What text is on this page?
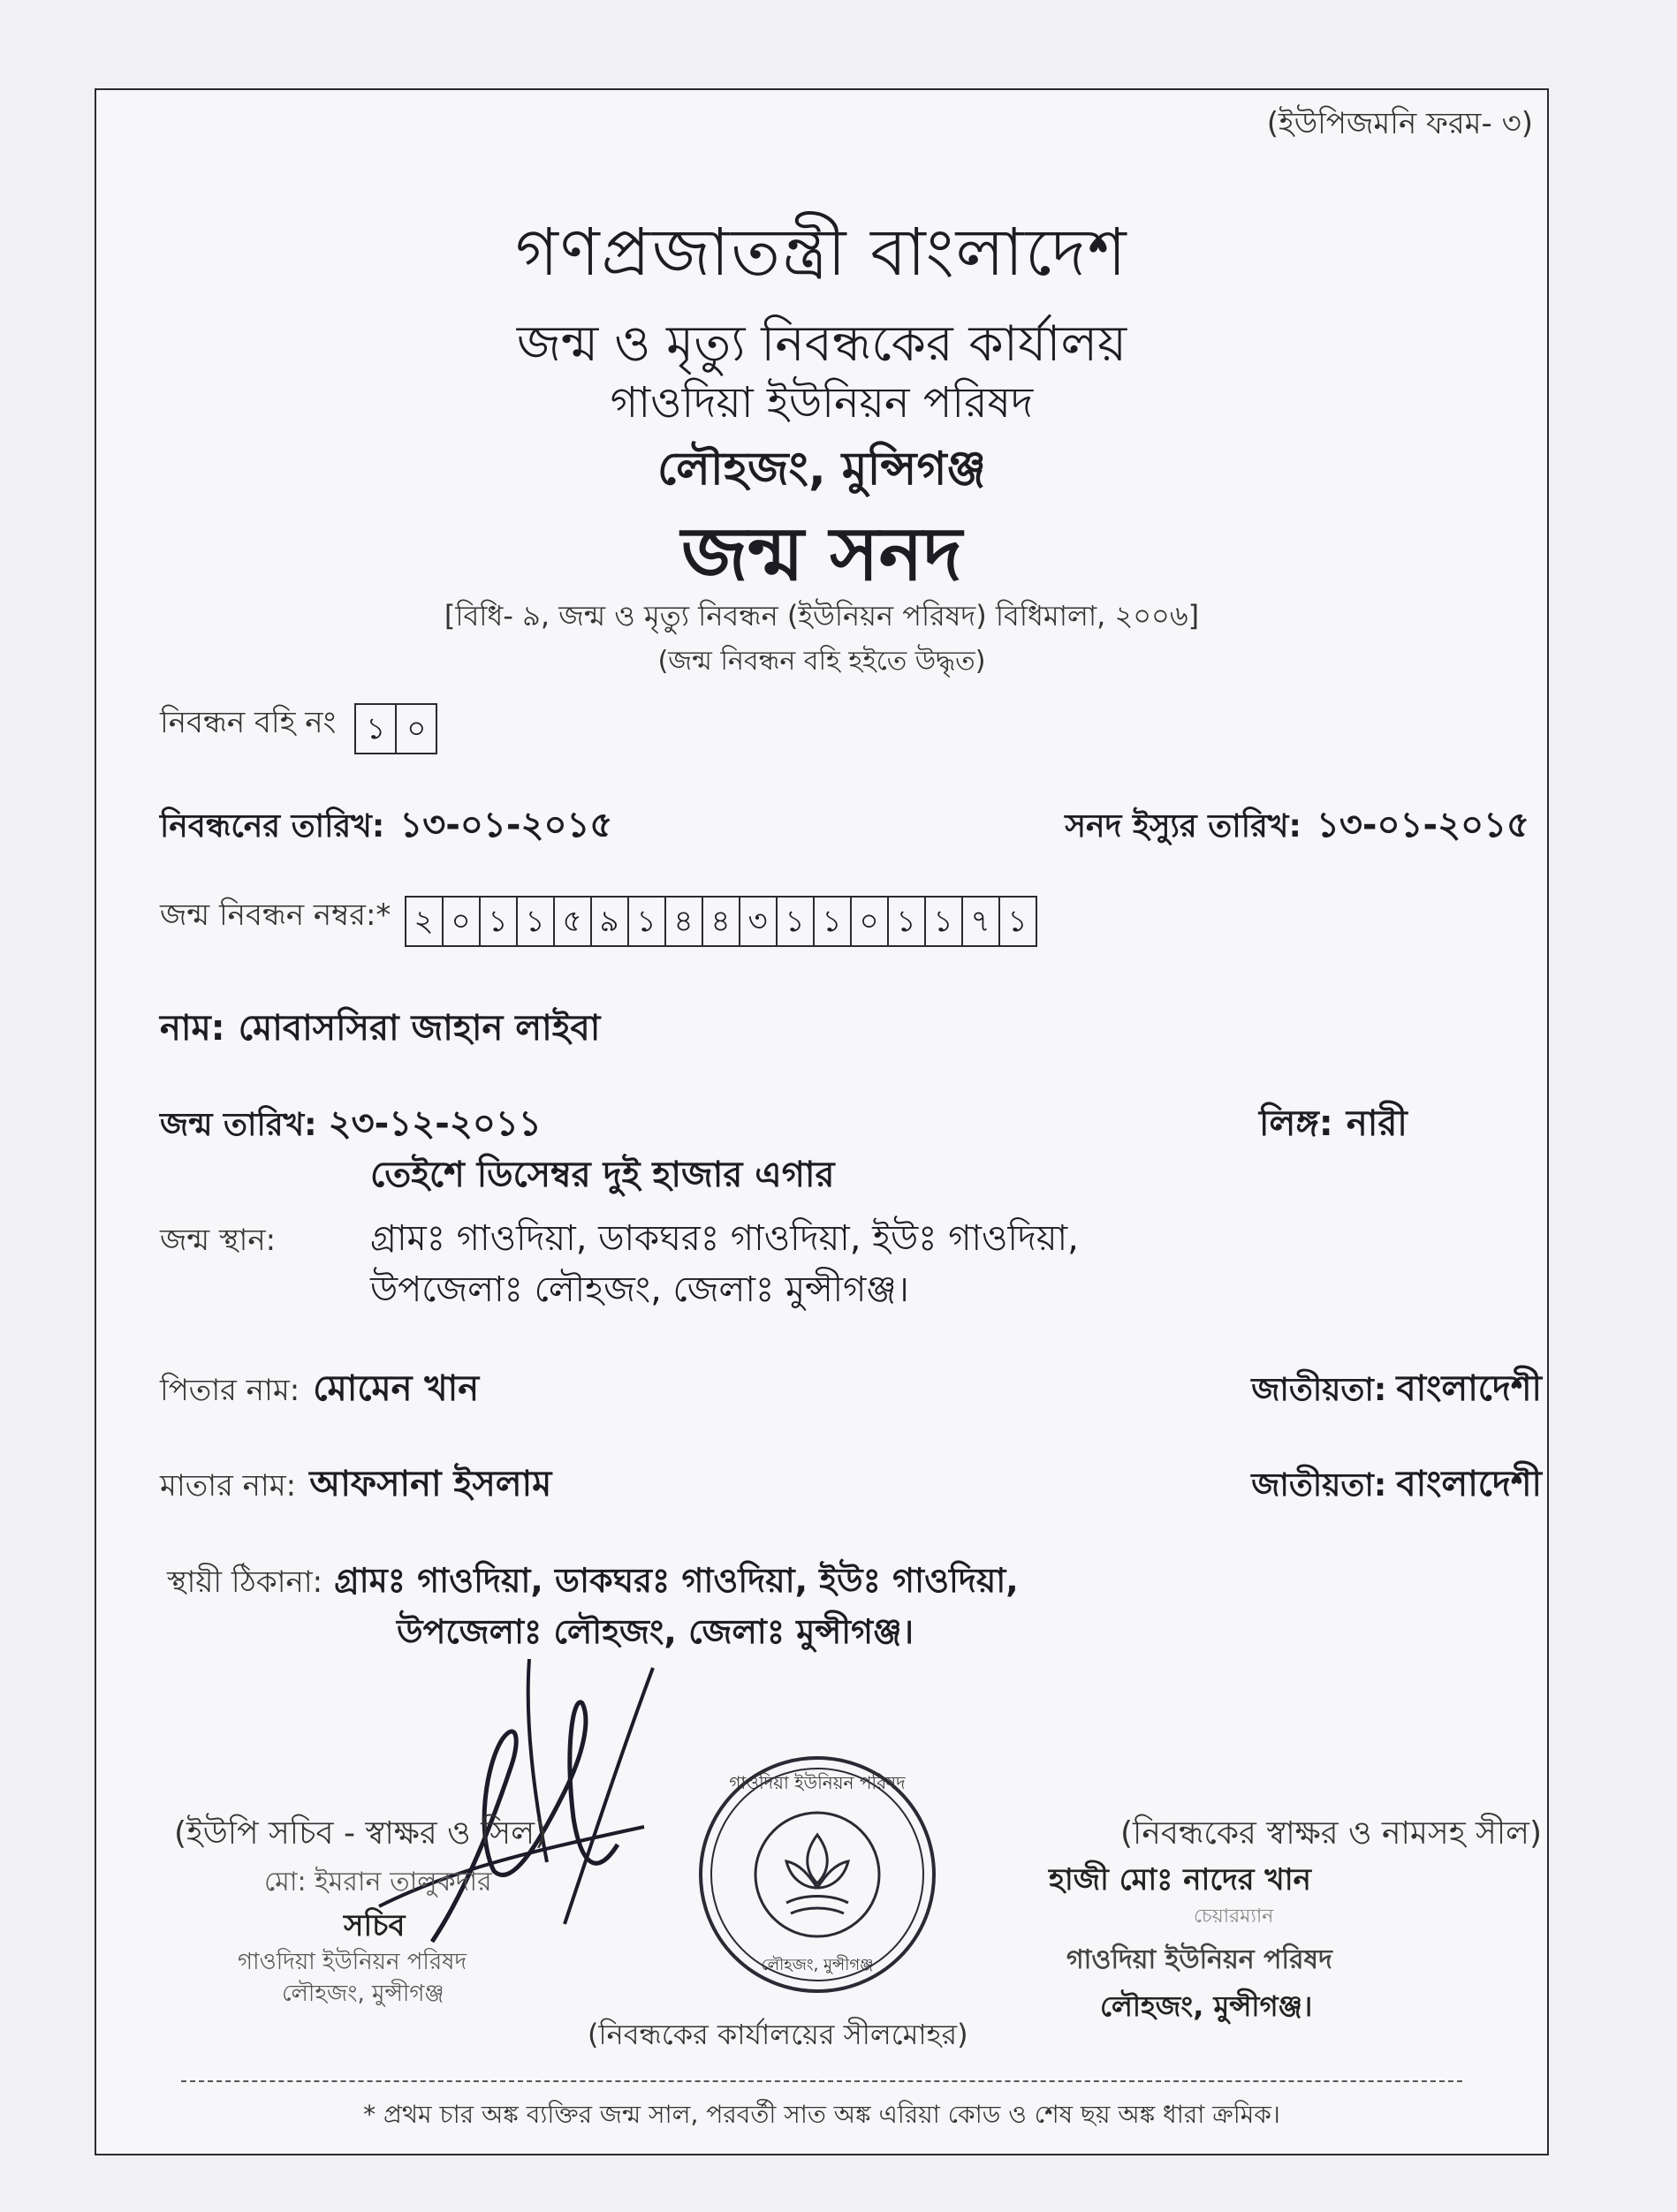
(ইউপিজমনি ফরম- ৩)
গণপ্রজাতন্ত্রী বাংলাদেশ
জন্ম ও মৃত্যু নিবন্ধকের কার্যালয়
গাওদিয়া ইউনিয়ন পরিষদ
লৌহজং, মুন্সিগঞ্জ
জন্ম সনদ
[বিধি- ৯, জন্ম ও মৃত্যু নিবন্ধন (ইউনিয়ন পরিষদ) বিধিমালা, ২০০৬]
(জন্ম নিবন্ধন বহি হইতে উদ্ধৃত)
নিবন্ধন বহি নং	১ ০
নিবন্ধনের তারিখ: ১৩-০১-২০১৫	সনদ ইস্যুর তারিখ: ১৩-০১-২০১৫
জন্ম নিবন্ধন নম্বর:* ২ ০ ১ ১ ৫ ৯ ১ ৪ ৪ ৩ ১ ১ ০ ১ ১ ৭ ১
নাম: মোবাসসিরা জাহান লাইবা
জন্ম তারিখ: ২৩-১২-২০১১	লিঙ্গ: নারী
তেইশে ডিসেম্বর দুই হাজার এগার
জন্ম স্থান:	গ্রামঃ গাওদিয়া, ডাকঘরঃ গাওদিয়া, ইউঃ গাওদিয়া,
উপজেলাঃ লৌহজং, জেলাঃ মুন্সীগঞ্জ।
পিতার নাম: মোমেন খান	জাতীয়তা: বাংলাদেশী
মাতার নাম: আফসানা ইসলাম	জাতীয়তা: বাংলাদেশী
স্থায়ী ঠিকানা: গ্রামঃ গাওদিয়া, ডাকঘরঃ গাওদিয়া, ইউঃ গাওদিয়া,
উপজেলাঃ লৌহজং, জেলাঃ মুন্সীগঞ্জ।
(ইউপি সচিব - স্বাক্ষর ও সিল)
মো: ইমরান তালুকদার
সচিব
গাওদিয়া ইউনিয়ন পরিষদ
লৌহজং, মুন্সীগঞ্জ
গাওদিয়া ইউনিয়ন পরিষদ
লৌহজং, মুন্সীগঞ্জ
(নিবন্ধকের কার্যালয়ের সীলমোহর)
(নিবন্ধকের স্বাক্ষর ও নামসহ সীল)
হাজী মোঃ নাদের খান
চেয়ারম্যান
গাওদিয়া ইউনিয়ন পরিষদ
লৌহজং, মুন্সীগঞ্জ।
* প্রথম চার অঙ্ক ব্যক্তির জন্ম সাল, পরবর্তী সাত অঙ্ক এরিয়া কোড ও শেষ ছয় অঙ্ক ধারা ক্রমিক।
